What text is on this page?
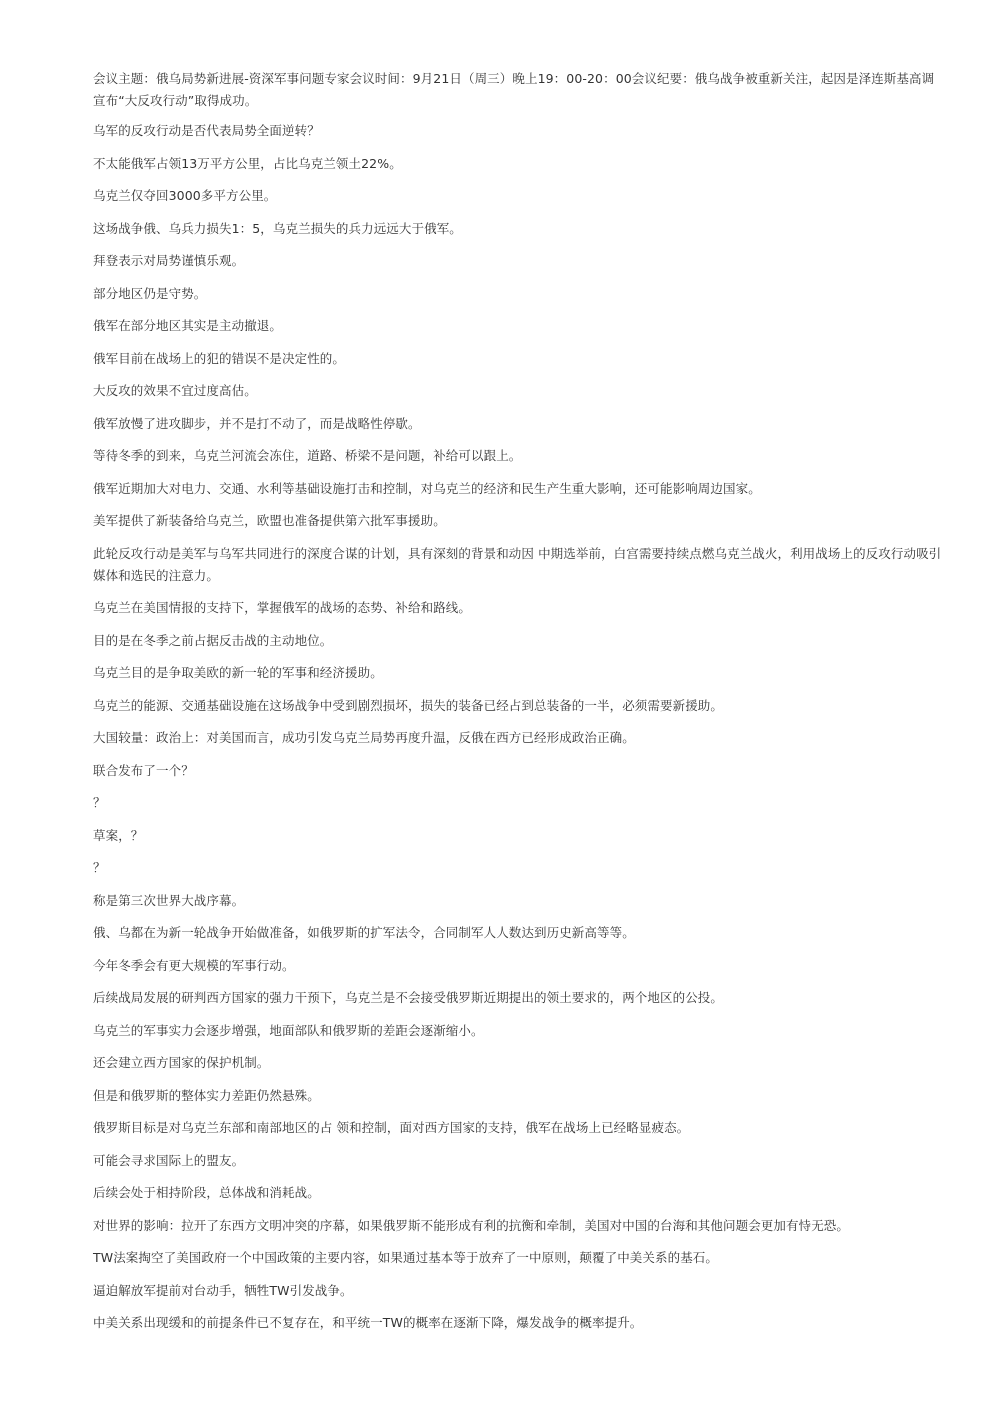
会议主题：俄乌局势新进展-资深军事问题专家会议时间：9月21日（周三）晚上19：00-20：00会议纪要：俄乌战争被重新关注，起因是泽连斯基高调宣布“大反攻行动”取得成功。

乌军的反攻行动是否代表局势全面逆转？

不太能俄军占领13万平方公里，占比乌克兰领土22%。

乌克兰仅夺回3000多平方公里。

这场战争俄、乌兵力损失1：5，乌克兰损失的兵力远远大于俄军。

拜登表示对局势谨慎乐观。

部分地区仍是守势。

俄军在部分地区其实是主动撤退。

俄军目前在战场上的犯的错误不是决定性的。

大反攻的效果不宜过度高估。

俄军放慢了进攻脚步，并不是打不动了，而是战略性停歇。

等待冬季的到来，乌克兰河流会冻住，道路、桥梁不是问题，补给可以跟上。

俄军近期加大对电力、交通、水利等基础设施打击和控制，对乌克兰的经济和民生产生重大影响，还可能影响周边国家。

美军提供了新装备给乌克兰，欧盟也准备提供第六批军事援助。

此轮反攻行动是美军与乌军共同进行的深度合谋的计划，具有深刻的背景和动因 中期选举前，白宫需要持续点燃乌克兰战火，利用战场上的反攻行动吸引媒体和选民的注意力。

乌克兰在美国情报的支持下，掌握俄军的战场的态势、补给和路线。

目的是在冬季之前占据反击战的主动地位。

乌克兰目的是争取美欧的新一轮的军事和经济援助。

乌克兰的能源、交通基础设施在这场战争中受到剧烈损坏，损失的装备已经占到总装备的一半，必须需要新援助。

大国较量：政治上：对美国而言，成功引发乌克兰局势再度升温，反俄在西方已经形成政治正确。

联合发布了一个？

？

草案，？

？

称是第三次世界大战序幕。

俄、乌都在为新一轮战争开始做准备，如俄罗斯的扩军法令，合同制军人人数达到历史新高等等。

今年冬季会有更大规模的军事行动。

后续战局发展的研判西方国家的强力干预下，乌克兰是不会接受俄罗斯近期提出的领土要求的，两个地区的公投。

乌克兰的军事实力会逐步增强，地面部队和俄罗斯的差距会逐渐缩小。

还会建立西方国家的保护机制。

但是和俄罗斯的整体实力差距仍然悬殊。

俄罗斯目标是对乌克兰东部和南部地区的占 领和控制，面对西方国家的支持，俄军在战场上已经略显疲态。

可能会寻求国际上的盟友。

后续会处于相持阶段，总体战和消耗战。

对世界的影响：拉开了东西方文明冲突的序幕，如果俄罗斯不能形成有利的抗衡和牵制，美国对中国的台海和其他问题会更加有恃无恐。

TW法案掏空了美国政府一个中国政策的主要内容，如果通过基本等于放弃了一中原则，颠覆了中美关系的基石。

逼迫解放军提前对台动手，牺牲TW引发战争。

中美关系出现缓和的前提条件已不复存在，和平统一TW的概率在逐渐下降，爆发战争的概率提升。
